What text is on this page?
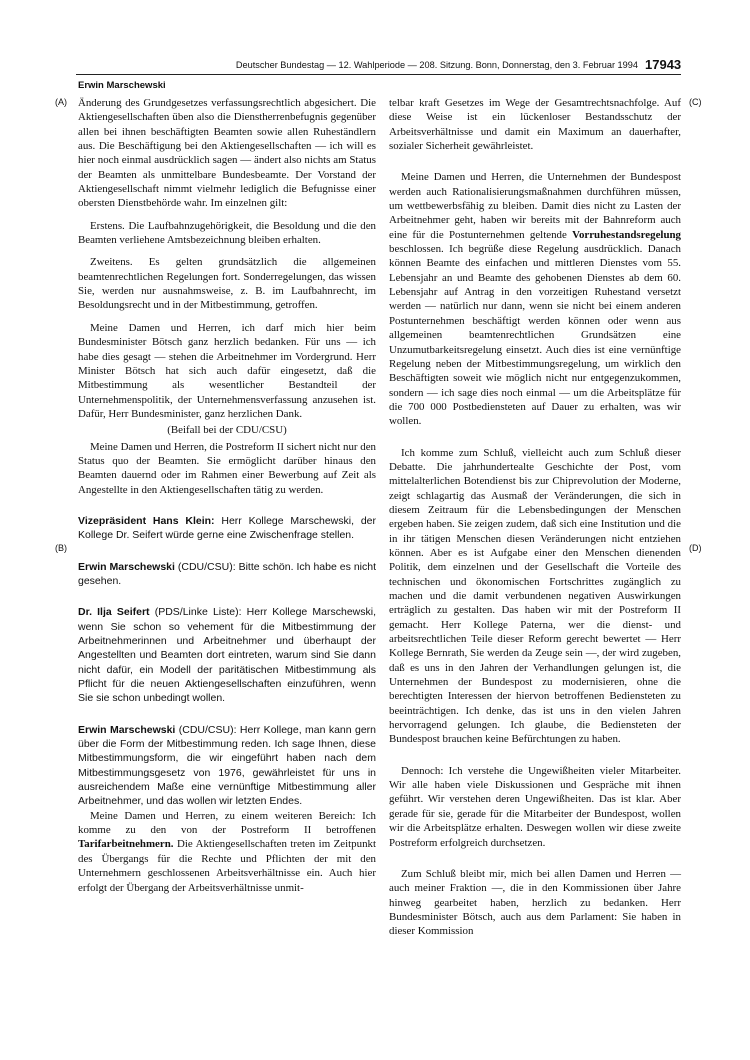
Deutscher Bundestag — 12. Wahlperiode — 208. Sitzung. Bonn, Donnerstag, den 3. Februar 1994 17943
Erwin Marschewski
(A)
(B)
(C)
(D)

Änderung des Grundgesetzes verfassungsrechtlich abgesichert. Die Aktiengesellschaften üben also die Dienstherrenbefugnis gegenüber allen bei ihnen beschäftigten Beamten sowie allen Ruheständlern aus. Die Beschäftigung bei den Aktiengesellschaften — ich will es hier noch einmal ausdrücklich sagen — ändert also nichts am Status der Beamten als unmittelbare Bundesbeamte. Der Vorstand der Aktiengesellschaft nimmt vielmehr lediglich die Befugnisse einer obersten Dienstbehörde wahr. Im einzelnen gilt:

Erstens. Die Laufbahnzugehörigkeit, die Besoldung und die den Beamten verliehene Amtsbezeichnung bleiben erhalten.

Zweitens. Es gelten grundsätzlich die allgemeinen beamtenrechtlichen Regelungen fort. Sonderregelungen, das wissen Sie, werden nur ausnahmsweise, z. B. im Laufbahnrecht, im Besoldungsrecht und in der Mitbestimmung, getroffen.

Meine Damen und Herren, ich darf mich hier beim Bundesminister Bötsch ganz herzlich bedanken. Für uns — ich habe dies gesagt — stehen die Arbeitnehmer im Vordergrund. Herr Minister Bötsch hat sich auch dafür eingesetzt, daß die Mitbestimmung als wesentlicher Bestandteil der Unternehmenspolitik, der Unternehmensverfassung anzusehen ist. Dafür, Herr Bundesminister, ganz herzlichen Dank.

(Beifall bei der CDU/CSU)

Meine Damen und Herren, die Postreform II sichert nicht nur den Status quo der Beamten. Sie ermöglicht darüber hinaus den Beamten dauernd oder im Rahmen einer Bewerbung auf Zeit als Angestellte in den Aktiengesellschaften tätig zu werden.

Vizepräsident Hans Klein: Herr Kollege Marschewski, der Kollege Dr. Seifert würde gerne eine Zwischenfrage stellen.

Erwin Marschewski (CDU/CSU): Bitte schön. Ich habe es nicht gesehen.

Dr. Ilja Seifert (PDS/Linke Liste): Herr Kollege Marschewski, wenn Sie schon so vehement für die Mitbestimmung der Arbeitnehmerinnen und Arbeitnehmer und überhaupt der Angestellten und Beamten dort eintreten, warum sind Sie dann nicht dafür, ein Modell der paritätischen Mitbestimmung als Pflicht für die neuen Aktiengesellschaften einzuführen, wenn Sie sie schon unbedingt wollen.

Erwin Marschewski (CDU/CSU): Herr Kollege, man kann gern über die Form der Mitbestimmung reden. Ich sage Ihnen, diese Mitbestimmungsform, die wir eingeführt haben nach dem Mitbestimmungsgesetz von 1976, gewährleistet für uns in ausreichendem Maße eine vernünftige Mitbestimmung aller Arbeitnehmer, und das wollen wir letzten Endes.

Meine Damen und Herren, zu einem weiteren Bereich: Ich komme zu den von der Postreform II betroffenen Tarifarbeitnehmern. Die Aktiengesellschaften treten im Zeitpunkt des Übergangs für die Rechte und Pflichten der mit den Unternehmern geschlossenen Arbeitsverhältnisse ein. Auch hier erfolgt der Übergang der Arbeitsverhältnisse unmit-

telbar kraft Gesetzes im Wege der Gesamtrechtsnachfolge. Auf diese Weise ist ein lückenloser Bestandsschutz der Arbeitsverhältnisse und damit ein Maximum an dauerhafter, sozialer Sicherheit gewährleistet.

Meine Damen und Herren, die Unternehmen der Bundespost werden auch Rationalisierungsmaßnahmen durchführen müssen, um wettbewerbsfähig zu bleiben. Damit dies nicht zu Lasten der Arbeitnehmer geht, haben wir bereits mit der Bahnreform auch eine für die Postunternehmen geltende Vorruhestandsregelung beschlossen. Ich begrüße diese Regelung ausdrücklich. Danach können Beamte des einfachen und mittleren Dienstes vom 55. Lebensjahr an und Beamte des gehobenen Dienstes ab dem 60. Lebensjahr auf Antrag in den vorzeitigen Ruhestand versetzt werden — natürlich nur dann, wenn sie nicht bei einem anderen Postunternehmen beschäftigt werden können oder wenn aus allgemeinen beamtenrechtlichen Grundsätzen eine Unzumutbarkeitsregelung einsetzt. Auch dies ist eine vernünftige Regelung neben der Mitbestimmungsregelung, um wirklich den Beschäftigten soweit wie möglich nicht nur entgegenzukommen, sondern — ich sage dies noch einmal — um die Arbeitsplätze für die 700 000 Postbediensteten auf Dauer zu erhalten, was wir wollen.

Ich komme zum Schluß, vielleicht auch zum Schluß dieser Debatte. Die jahrhundertealte Geschichte der Post, vom mittelalterlichen Botendienst bis zur Chiprevolution der Moderne, zeigt schlagartig das Ausmaß der Veränderungen, die sich in diesem Zeitraum für die Lebensbedingungen der Menschen ergeben haben. Sie zeigen zudem, daß sich eine Institution und die in ihr tätigen Menschen diesen Veränderungen nicht entziehen können. Aber es ist Aufgabe einer den Menschen dienenden Politik, dem einzelnen und der Gesellschaft die Vorteile des technischen und ökonomischen Fortschrittes zugänglich zu machen und die damit verbundenen negativen Auswirkungen erträglich zu gestalten. Das haben wir mit der Postreform II gemacht. Herr Kollege Paterna, wer die dienst- und arbeitsrechtlichen Teile dieser Reform gerecht bewertet — Herr Kollege Bernrath, Sie werden da Zeuge sein —, der wird zugeben, daß es uns in den Jahren der Verhandlungen gelungen ist, die Unternehmen der Bundespost zu modernisieren, ohne die berechtigten Interessen der hiervon betroffenen Bediensteten zu beeinträchtigen. Ich denke, das ist uns in den vielen Jahren hervorragend gelungen. Ich glaube, die Bediensteten der Bundespost brauchen keine Befürchtungen zu haben.

Dennoch: Ich verstehe die Ungewißheiten vieler Mitarbeiter. Wir alle haben viele Diskussionen und Gespräche mit ihnen geführt. Wir verstehen deren Ungewißheiten. Das ist klar. Aber gerade für sie, gerade für die Mitarbeiter der Bundespost, wollen wir die Arbeitsplätze erhalten. Deswegen wollen wir diese zweite Postreform erfolgreich durchsetzen.

Zum Schluß bleibt mir, mich bei allen Damen und Herren — auch meiner Fraktion —, die in den Kommissionen über Jahre hinweg gearbeitet haben, herzlich zu bedanken. Herr Bundesminister Bötsch, auch aus dem Parlament: Sie haben in dieser Kommission
